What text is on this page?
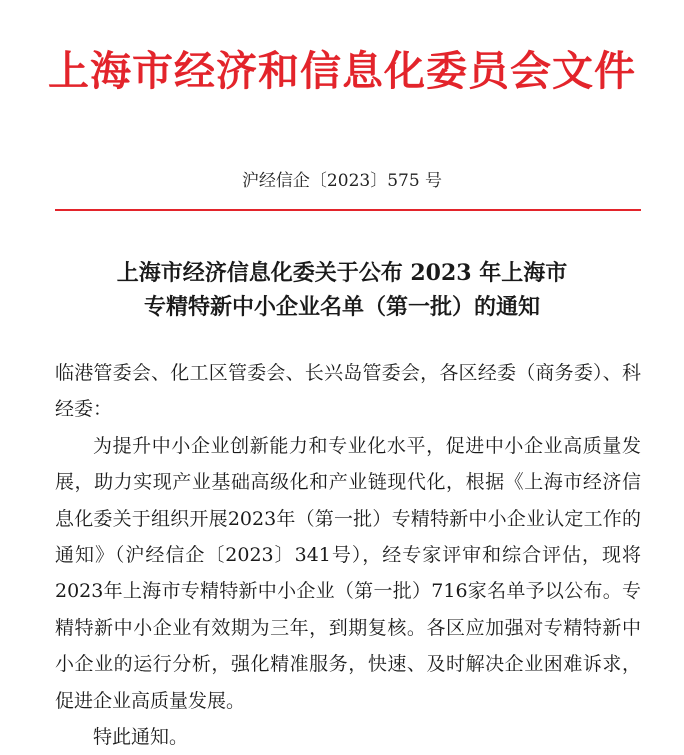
上海市经济和信息化委员会文件
沪经信企〔2023〕575 号
上海市经济信息化委关于公布 2023 年上海市
专精特新中小企业名单（第一批）的通知

临港管委会、化工区管委会、长兴岛管委会，各区经委（商务委）、科经委：

为提升中小企业创新能力和专业化水平，促进中小企业高质量发展，助力实现产业基础高级化和产业链现代化，根据《上海市经济信息化委关于组织开展2023年（第一批）专精特新中小企业认定工作的通知》（沪经信企〔2023〕341号），经专家评审和综合评估，现将2023年上海市专精特新中小企业（第一批）716家名单予以公布。专精特新中小企业有效期为三年，到期复核。各区应加强对专精特新中小企业的运行分析，强化精准服务，快速、及时解决企业困难诉求，促进企业高质量发展。

特此通知。
